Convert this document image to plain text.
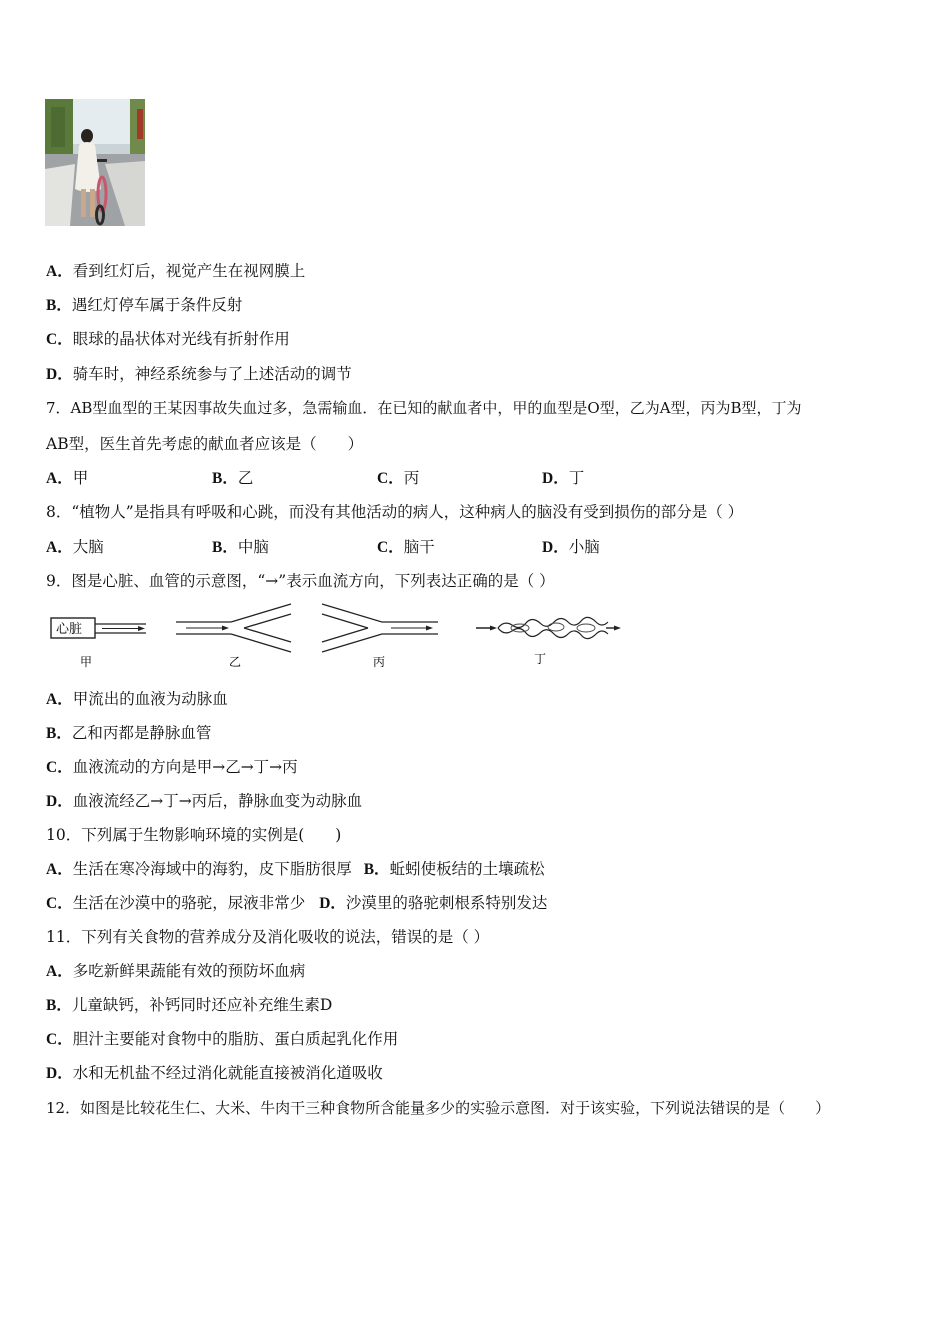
A．看到红灯后，视觉产生在视网膜上
B．遇红灯停车属于条件反射
C．眼球的晶状体对光线有折射作用
D．骑车时，神经系统参与了上述活动的调节
7．AB型血型的王某因事故失血过多，急需输血．在已知的献血者中，甲的血型是O型，乙为A型，丙为B型，丁为
AB型，医生首先考虑的献血者应该是（　　）
A．甲	B．乙	C．丙	D．丁
8．“植物人”是指具有呼吸和心跳，而没有其他活动的病人，这种病人的脑没有受到损伤的部分是（ ）
A．大脑	B．中脑	C．脑干	D．小脑
9．图是心脏、血管的示意图，“→”表示血流方向，下列表达正确的是（ ）
心脏
甲	乙	丙	丁
A．甲流出的血液为动脉血
B．乙和丙都是静脉血管
C．血液流动的方向是甲→乙→丁→丙
D．血液流经乙→丁→丙后，静脉血变为动脉血
10．下列属于生物影响环境的实例是(　　)
A．生活在寒冷海域中的海豹，皮下脂肪很厚 B．蚯蚓使板结的土壤疏松
C．生活在沙漠中的骆驼，尿液非常少 D．沙漠里的骆驼刺根系特别发达
11．下列有关食物的营养成分及消化吸收的说法，错误的是（ ）
A．多吃新鲜果蔬能有效的预防坏血病
B．儿童缺钙，补钙同时还应补充维生素D
C．胆汁主要能对食物中的脂肪、蛋白质起乳化作用
D．水和无机盐不经过消化就能直接被消化道吸收
12．如图是比较花生仁、大米、牛肉干三种食物所含能量多少的实验示意图．对于该实验，下列说法错误的是（　　）
